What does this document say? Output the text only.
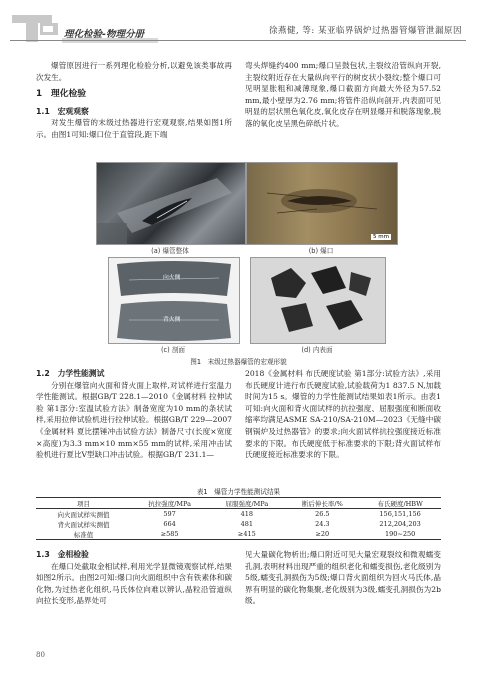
理化检验-物理分册	徐燕健, 等: 某亚临界锅炉过热器管爆管泄漏原因

爆管原因进行一系列理化检验分析,以避免该类事故再次发生。

1　理化检验

1.1　宏观观察

对发生爆管的末级过热器进行宏观观察,结果如图1所示。由图1可知:爆口位于直管段,距下端

弯头焊缝约400 mm;爆口呈鼓包状,主裂纹沿管纵向开裂,主裂纹附近存在大量纵向平行的树皮状小裂纹;整个爆口可见明显胀粗和减薄现象,爆口截面方向最大外径为57.52 mm,最小壁厚为2.76 mm;将管件沿纵向剖开,内表面可见明显的层状黑色氧化皮,氧化皮存在明显爆开和脱落现象,脱落的氧化皮呈黑色碎纸片状。

5 mm
(a) 爆管整体	(b) 爆口
向火侧
背火侧
(c) 剖面	(d) 内表面
图1　末级过热器爆管的宏观形貌

1.2　力学性能测试

分别在爆管向火面和背火面上取样,对试样进行室温力学性能测试。根据GB/T 228.1—2010《金属材料 拉伸试验 第1部分:室温试验方法》制备宽度为10 mm的条状试样,采用拉伸试验机进行拉伸试验。根据GB/T 229—2007《金属材料 夏比摆锤冲击试验方法》制备尺寸(长度×宽度×高度)为3.3 mm×10 mm×55 mm的试样,采用冲击试验机进行夏比V型缺口冲击试验。根据GB/T 231.1—

2018《金属材料 布氏硬度试验 第1部分:试验方法》,采用布氏硬度计进行布氏硬度试验,试验载荷为1 837.5 N,加载时间为15 s。爆管的力学性能测试结果如表1所示。由表1可知:向火面和背火面试样的抗拉强度、屈服强度和断面收缩率均满足ASME SA-210/SA-210M—2023《无缝中碳钢锅炉及过热器管》的要求;向火面试样抗拉强度接近标准要求的下限。布氏硬度低于标准要求的下限;背火面试样布氏硬度接近标准要求的下限。

表1　爆管力学性能测试结果
项目	抗拉强度/MPa	屈服强度/MPa	断后伸长率/%	布氏硬度/HBW
向火面试样实测值	597	418	26.5	156,151,156
背火面试样实测值	664	481	24.3	212,204,203
标准值	≥585	≥415	≥20	190~250

1.3　金相检验

在爆口处截取金相试样,利用光学显微镜观察试样,结果如图2所示。由图2可知:爆口向火面组织中含有铁素体和碳化物,为过热老化组织,马氏体位向难以辨认,晶粒沿管道纵向拉长变形,晶界处可

见大量碳化物析出;爆口附近可见大量宏观裂纹和微观蠕变孔洞,表明材料出现严重的组织老化和蠕变损伤,老化级别为5级,蠕变孔洞损伤为5级;爆口背火面组织为回火马氏体,晶界有明显的碳化物集聚,老化级别为3级,蠕变孔洞损伤为2b级。

80
